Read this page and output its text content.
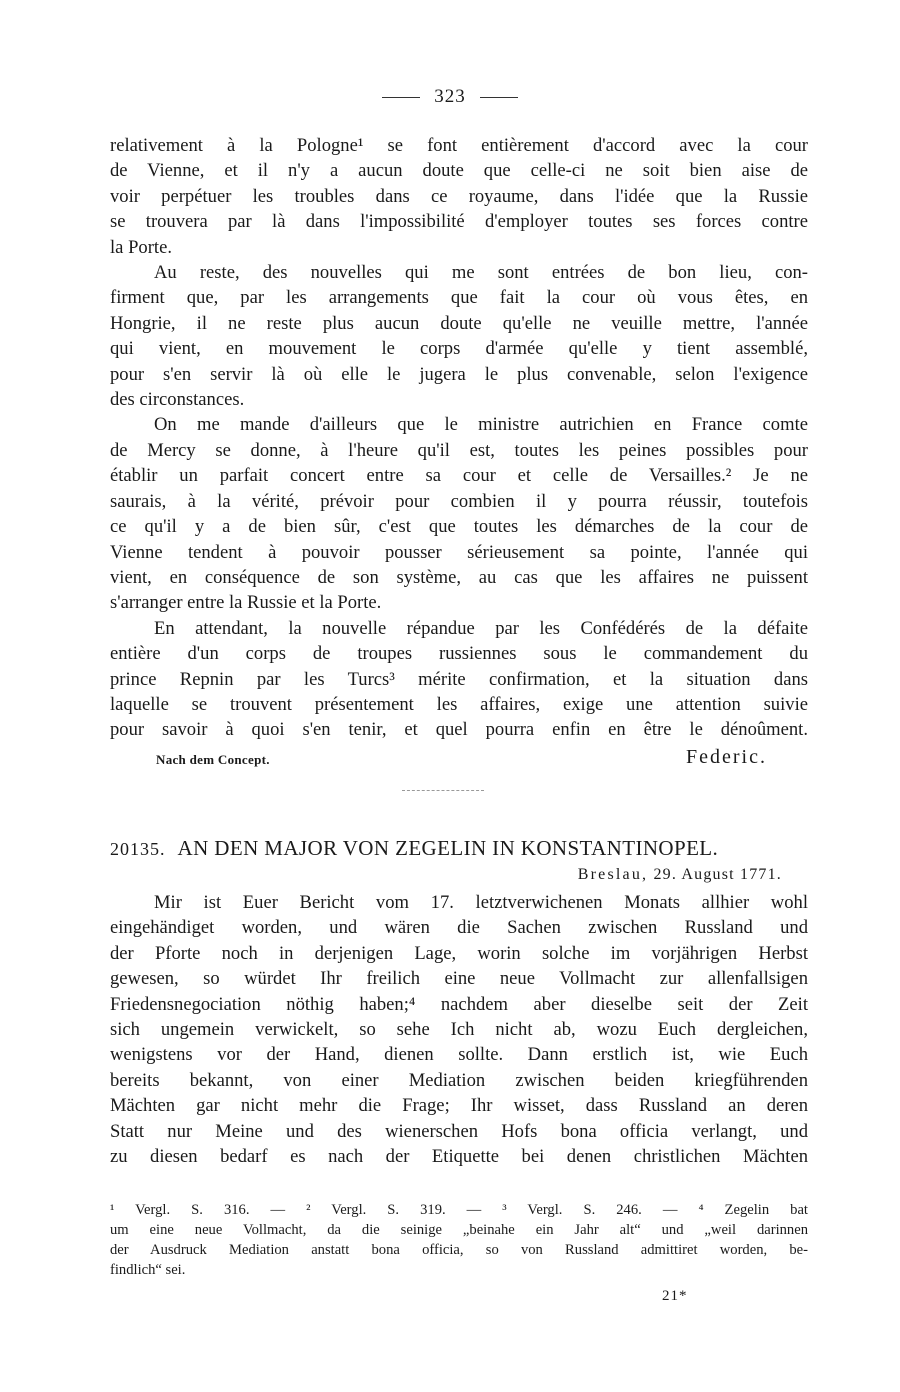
323
relativement à la Pologne¹ se font entièrement d'accord avec la cour
de Vienne, et il n'y a aucun doute que celle-ci ne soit bien aise de
voir perpétuer les troubles dans ce royaume, dans l'idée que la Russie
se trouvera par là dans l'impossibilité d'employer toutes ses forces contre
la Porte.
Au reste, des nouvelles qui me sont entrées de bon lieu, con-
firment que, par les arrangements que fait la cour où vous êtes, en
Hongrie, il ne reste plus aucun doute qu'elle ne veuille mettre, l'année
qui vient, en mouvement le corps d'armée qu'elle y tient assemblé,
pour s'en servir là où elle le jugera le plus convenable, selon l'exigence
des circonstances.
On me mande d'ailleurs que le ministre autrichien en France comte
de Mercy se donne, à l'heure qu'il est, toutes les peines possibles pour
établir un parfait concert entre sa cour et celle de Versailles.² Je ne
saurais, à la vérité, prévoir pour combien il y pourra réussir, toutefois
ce qu'il y a de bien sûr, c'est que toutes les démarches de la cour de
Vienne tendent à pouvoir pousser sérieusement sa pointe, l'année qui
vient, en conséquence de son système, au cas que les affaires ne puissent
s'arranger entre la Russie et la Porte.
En attendant, la nouvelle répandue par les Confédérés de la défaite
entière d'un corps de troupes russiennes sous le commandement du
prince Repnin par les Turcs³ mérite confirmation, et la situation dans
laquelle se trouvent présentement les affaires, exige une attention suivie
pour savoir à quoi s'en tenir, et quel pourra enfin en être le dénoûment.
Nach dem Concept.	Federic.
20135. AN DEN MAJOR VON ZEGELIN IN KONSTANTINOPEL.
Breslau, 29. August 1771.
Mir ist Euer Bericht vom 17. letztverwichenen Monats allhier wohl
eingehändiget worden, und wären die Sachen zwischen Russland und
der Pforte noch in derjenigen Lage, worin solche im vorjährigen Herbst
gewesen, so würdet Ihr freilich eine neue Vollmacht zur allenfallsigen
Friedensnegociation nöthig haben;⁴ nachdem aber dieselbe seit der Zeit
sich ungemein verwickelt, so sehe Ich nicht ab, wozu Euch dergleichen,
wenigstens vor der Hand, dienen sollte. Dann erstlich ist, wie Euch
bereits bekannt, von einer Mediation zwischen beiden kriegführenden
Mächten gar nicht mehr die Frage; Ihr wisset, dass Russland an deren
Statt nur Meine und des wienerschen Hofs bona officia verlangt, und
zu diesen bedarf es nach der Etiquette bei denen christlichen Mächten
¹ Vergl. S. 316. — ² Vergl. S. 319. — ³ Vergl. S. 246. — ⁴ Zegelin bat
um eine neue Vollmacht, da die seinige „beinahe ein Jahr alt“ und „weil darinnen
der Ausdruck Mediation anstatt bona officia, so von Russland admittiret worden, be-
findlich“ sei.
21*
